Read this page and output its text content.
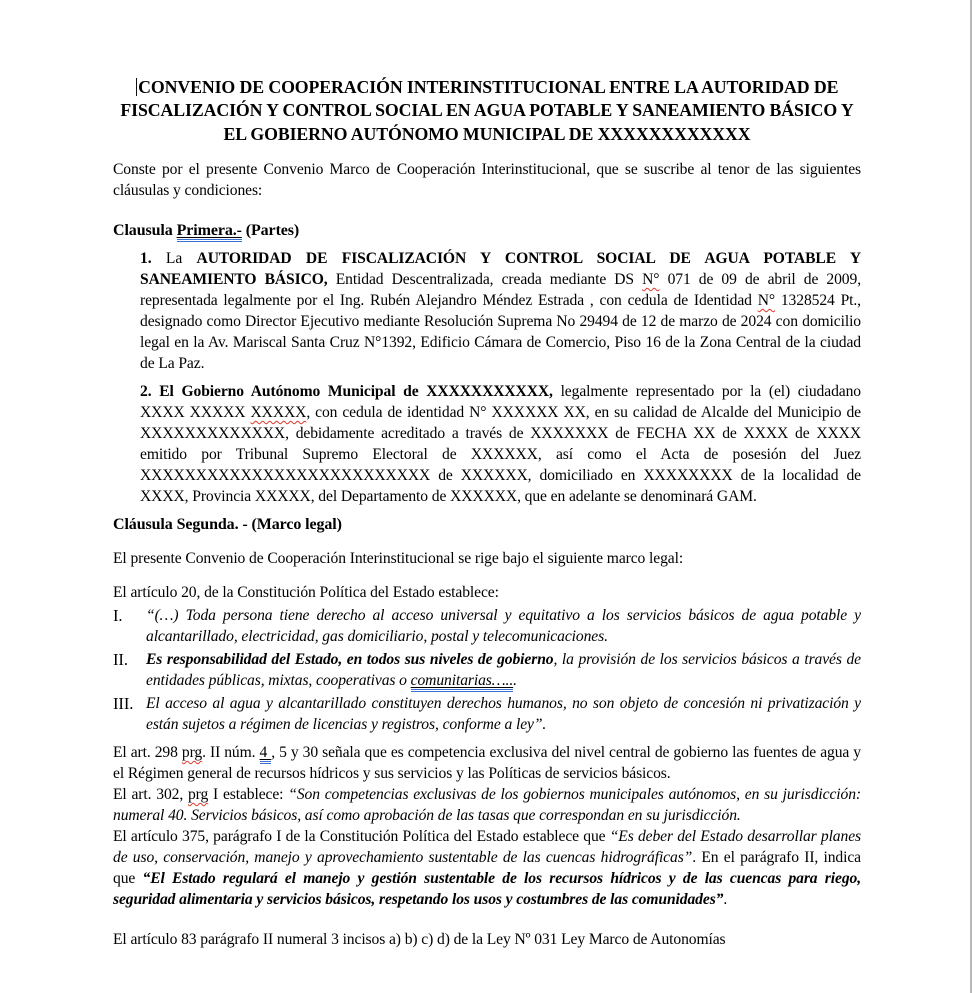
CONVENIO DE COOPERACIÓN INTERINSTITUCIONAL ENTRE LA AUTORIDAD DE FISCALIZACIÓN Y CONTROL SOCIAL EN AGUA POTABLE Y SANEAMIENTO BÁSICO Y EL GOBIERNO AUTÓNOMO MUNICIPAL DE XXXXXXXXXXXX
Conste por el presente Convenio Marco de Cooperación Interinstitucional, que se suscribe al tenor de las siguientes cláusulas y condiciones:
Clausula Primera.- (Partes)
1. La AUTORIDAD DE FISCALIZACIÓN Y CONTROL SOCIAL DE AGUA POTABLE Y SANEAMIENTO BÁSICO, Entidad Descentralizada, creada mediante DS N° 071 de 09 de abril de 2009, representada legalmente por el Ing. Rubén Alejandro Méndez Estrada , con cedula de Identidad N° 1328524 Pt., designado como Director Ejecutivo mediante Resolución Suprema No 29494 de 12 de marzo de 2024 con domicilio legal en la Av. Mariscal Santa Cruz N°1392, Edificio Cámara de Comercio, Piso 16 de la Zona Central de la ciudad de La Paz.
2. El Gobierno Autónomo Municipal de XXXXXXXXXXX, legalmente representado por la (el) ciudadano XXXX XXXXX XXXXX, con cedula de identidad N° XXXXXX XX, en su calidad de Alcalde del Municipio de XXXXXXXXXXXXX, debidamente acreditado a través de XXXXXXX de FECHA XX de XXXX de XXXX emitido por Tribunal Supremo Electoral de XXXXXX, así como el Acta de posesión del Juez XXXXXXXXXXXXXXXXXXXXXXXXXX de XXXXXX, domiciliado en XXXXXXXX de la localidad de XXXX, Provincia XXXXX, del Departamento de XXXXXX, que en adelante se denominará GAM.
Cláusula Segunda. - (Marco legal)
El presente Convenio de Cooperación Interinstitucional se rige bajo el siguiente marco legal:
El artículo 20, de la Constitución Política del Estado establece:
I.	“(…) Toda persona tiene derecho al acceso universal y equitativo a los servicios básicos de agua potable y alcantarillado, electricidad, gas domiciliario, postal y telecomunicaciones.
II.	Es responsabilidad del Estado, en todos sus niveles de gobierno, la provisión de los servicios básicos a través de entidades públicas, mixtas, cooperativas o comunitarias…...
III. El acceso al agua y alcantarillado constituyen derechos humanos, no son objeto de concesión ni privatización y están sujetos a régimen de licencias y registros, conforme a ley”.
El art. 298 prg. II núm. 4 , 5 y 30 señala que es competencia exclusiva del nivel central de gobierno las fuentes de agua y el Régimen general de recursos hídricos y sus servicios y las Políticas de servicios básicos.
El art. 302, prg I establece: “Son competencias exclusivas de los gobiernos municipales autónomos, en su jurisdicción: numeral 40. Servicios básicos, así como aprobación de las tasas que correspondan en su jurisdicción.
El artículo 375, parágrafo I de la Constitución Política del Estado establece que “Es deber del Estado desarrollar planes de uso, conservación, manejo y aprovechamiento sustentable de las cuencas hidrográficas”. En el parágrafo II, indica que “El Estado regulará el manejo y gestión sustentable de los recursos hídricos y de las cuencas para riego, seguridad alimentaria y servicios básicos, respetando los usos y costumbres de las comunidades”.
El artículo 83 parágrafo II numeral 3 incisos a) b) c) d) de la Ley Nº 031 Ley Marco de Autonomías
